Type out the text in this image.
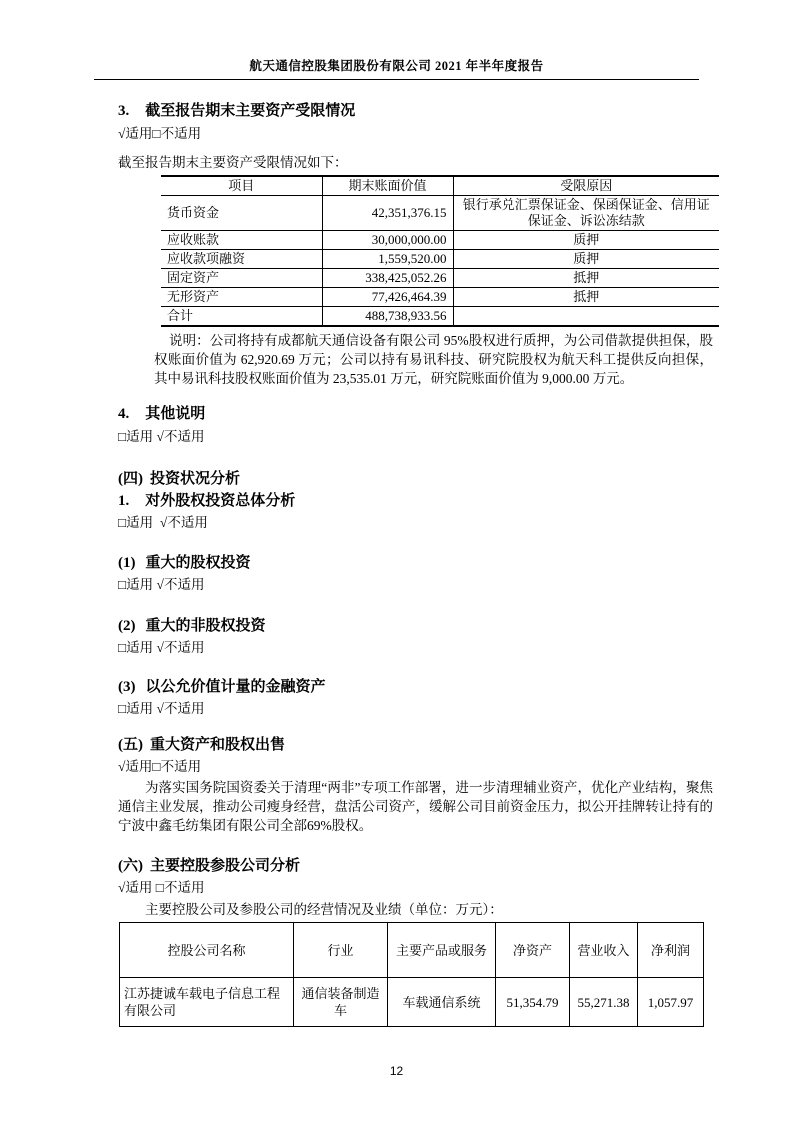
航天通信控股集团股份有限公司 2021 年半年度报告
3. 截至报告期末主要资产受限情况
√适用□不适用
截至报告期末主要资产受限情况如下：
项目	期末账面价值	受限原因
货币资金	42,351,376.15	银行承兑汇票保证金、保函保证金、信用证保证金、诉讼冻结款
应收账款	30,000,000.00	质押
应收款项融资	1,559,520.00	质押
固定资产	338,425,052.26	抵押
无形资产	77,426,464.39	抵押
合计	488,738,933.56	
说明：公司将持有成都航天通信设备有限公司 95%股权进行质押，为公司借款提供担保，股权账面价值为 62,920.69 万元；公司以持有易讯科技、研究院股权为航天科工提供反向担保，其中易讯科技股权账面价值为 23,535.01 万元，研究院账面价值为 9,000.00 万元。
4. 其他说明
□适用 √不适用
(四) 投资状况分析
1. 对外股权投资总体分析
□适用  √不适用
(1) 重大的股权投资
□适用 √不适用
(2) 重大的非股权投资
□适用 √不适用
(3) 以公允价值计量的金融资产
□适用 √不适用
(五) 重大资产和股权出售
√适用□不适用
为落实国务院国资委关于清理“两非”专项工作部署，进一步清理辅业资产，优化产业结构，聚焦通信主业发展，推动公司瘦身经营，盘活公司资产，缓解公司目前资金压力，拟公开挂牌转让持有的宁波中鑫毛纺集团有限公司全部69%股权。
(六) 主要控股参股公司分析
√适用 □不适用
主要控股公司及参股公司的经营情况及业绩（单位：万元）：
控股公司名称	行业	主要产品或服务	净资产	营业收入	净利润
江苏捷诚车载电子信息工程有限公司	通信装备制造车	车载通信系统	51,354.79	55,271.38	1,057.97
12
